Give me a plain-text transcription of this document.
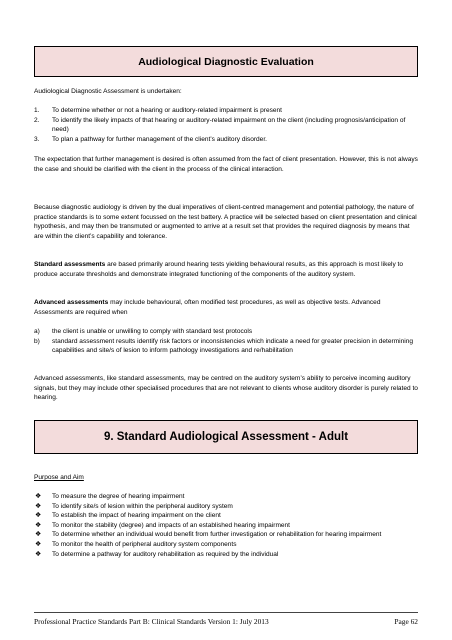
Audiological Diagnostic Evaluation

Audiological Diagnostic Assessment is undertaken:

1. To determine whether or not a hearing or auditory-related impairment is present
2. To identify the likely impacts of that hearing or auditory-related impairment on the client (including prognosis/anticipation of need)
3. To plan a pathway for further management of the client’s auditory disorder.

The expectation that further management is desired is often assumed from the fact of client presentation. However, this is not always the case and should be clarified with the client in the process of the clinical interaction.

Because diagnostic audiology is driven by the dual imperatives of client-centred management and potential pathology, the nature of practice standards is to some extent focussed on the test battery. A practice will be selected based on client presentation and clinical hypothesis, and may then be transmuted or augmented to arrive at a result set that provides the required diagnosis by means that are within the client’s capability and tolerance.

Standard assessments are based primarily around hearing tests yielding behavioural results, as this approach is most likely to produce accurate thresholds and demonstrate integrated functioning of the components of the auditory system.

Advanced assessments may include behavioural, often modified test procedures, as well as objective tests. Advanced Assessments are required when

a) the client is unable or unwilling to comply with standard test protocols
b) standard assessment results identify risk factors or inconsistencies which indicate a need for greater precision in determining capabilities and site/s of lesion to inform pathology investigations and re/habilitation

Advanced assessments, like standard assessments, may be centred on the auditory system’s ability to perceive incoming auditory signals, but they may include other specialised procedures that are not relevant to clients whose auditory disorder is purely related to hearing.

9. Standard Audiological Assessment - Adult

Purpose and Aim

❖ To measure the degree of hearing impairment
❖ To identify site/s of lesion within the peripheral auditory system
❖ To establish the impact of hearing impairment on the client
❖ To monitor the stability (degree) and impacts of an established hearing impairment
❖ To determine whether an individual would benefit from further investigation or rehabilitation for hearing impairment
❖ To monitor the health of peripheral auditory system components
❖ To determine a pathway for auditory rehabilitation as required by the individual
Professional Practice Standards Part B: Clinical Standards Version 1: July 2013	Page 62
